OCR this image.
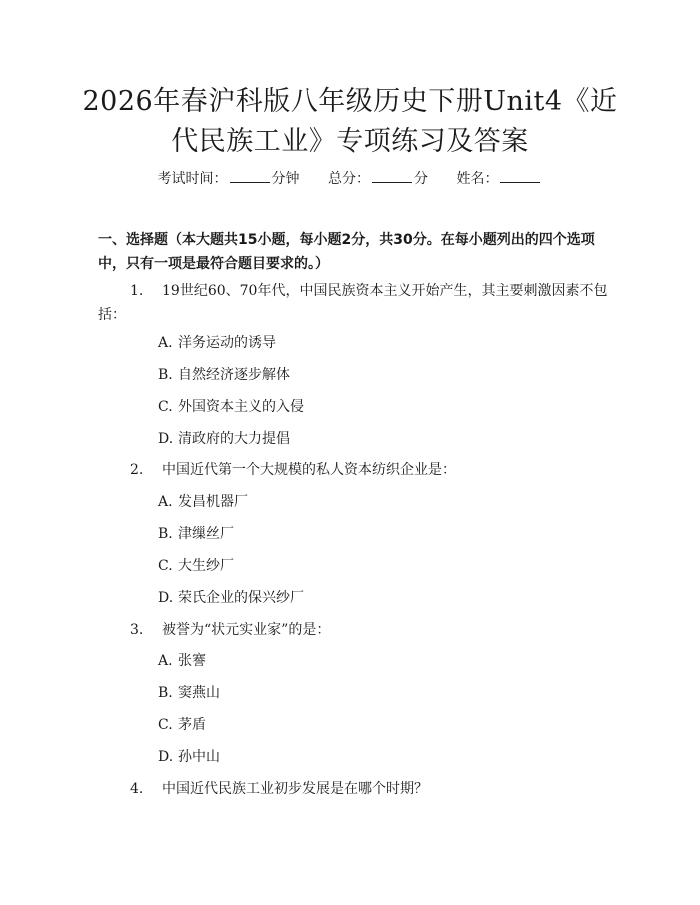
2026年春沪科版八年级历史下册Unit4《近代民族工业》专项练习及答案
考试时间：	分钟 总分：	分 姓名：

一、选择题（本大题共15小题，每小题2分，共30分。在每小题列出的四个选项中，只有一项是最符合题目要求的。）

1. 19世纪60、70年代，中国民族资本主义开始产生，其主要刺激因素不包括：
A. 洋务运动的诱导
B. 自然经济逐步解体
C. 外国资本主义的入侵
D. 清政府的大力提倡
2. 中国近代第一个大规模的私人资本纺织企业是：
A. 发昌机器厂
B. 津缫丝厂
C. 大生纱厂
D. 荣氏企业的保兴纱厂
3. 被誉为“状元实业家”的是：
A. 张謇
B. 窦燕山
C. 茅盾
D. 孙中山
4. 中国近代民族工业初步发展是在哪个时期？
